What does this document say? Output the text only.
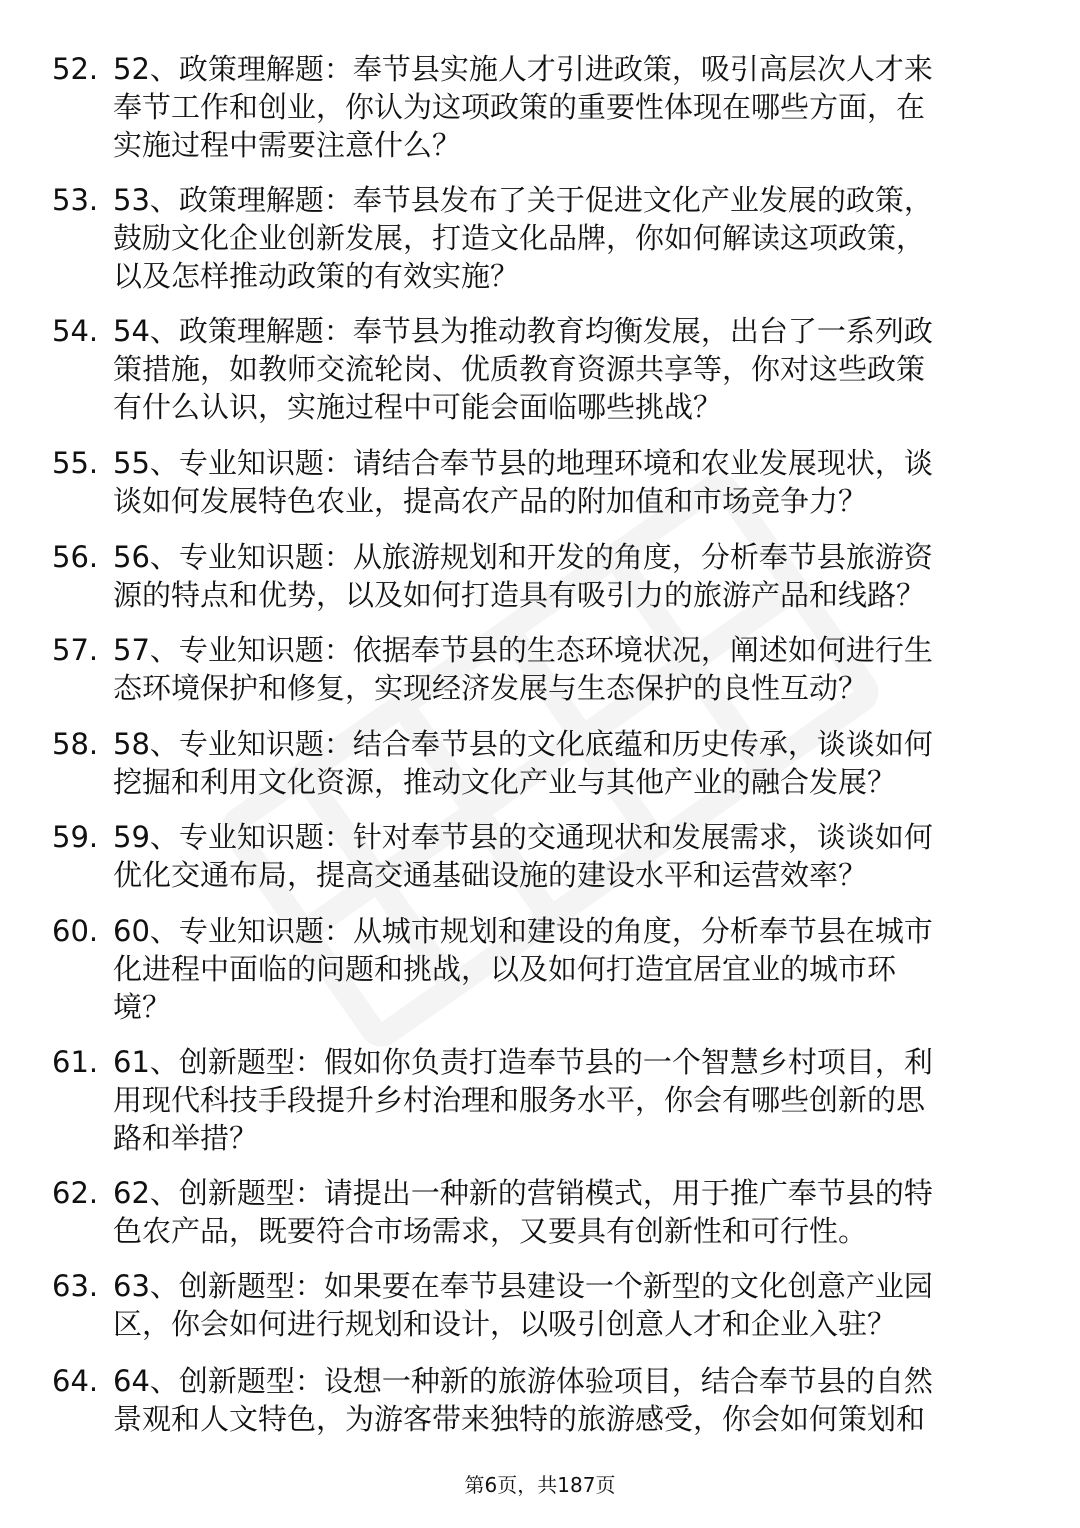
52. 52、政策理解题：奉节县实施人才引进政策，吸引高层次人才来
奉节工作和创业，你认为这项政策的重要性体现在哪些方面，在
实施过程中需要注意什么？
53. 53、政策理解题：奉节县发布了关于促进文化产业发展的政策，
鼓励文化企业创新发展，打造文化品牌，你如何解读这项政策，
以及怎样推动政策的有效实施？
54. 54、政策理解题：奉节县为推动教育均衡发展，出台了一系列政
策措施，如教师交流轮岗、优质教育资源共享等，你对这些政策
有什么认识，实施过程中可能会面临哪些挑战？
55. 55、专业知识题：请结合奉节县的地理环境和农业发展现状，谈
谈如何发展特色农业，提高农产品的附加值和市场竞争力？
56. 56、专业知识题：从旅游规划和开发的角度，分析奉节县旅游资
源的特点和优势，以及如何打造具有吸引力的旅游产品和线路？
57. 57、专业知识题：依据奉节县的生态环境状况，阐述如何进行生
态环境保护和修复，实现经济发展与生态保护的良性互动？
58. 58、专业知识题：结合奉节县的文化底蕴和历史传承，谈谈如何
挖掘和利用文化资源，推动文化产业与其他产业的融合发展？
59. 59、专业知识题：针对奉节县的交通现状和发展需求，谈谈如何
优化交通布局，提高交通基础设施的建设水平和运营效率？
60. 60、专业知识题：从城市规划和建设的角度，分析奉节县在城市
化进程中面临的问题和挑战，以及如何打造宜居宜业的城市环
境？
61. 61、创新题型：假如你负责打造奉节县的一个智慧乡村项目，利
用现代科技手段提升乡村治理和服务水平，你会有哪些创新的思
路和举措？
62. 62、创新题型：请提出一种新的营销模式，用于推广奉节县的特
色农产品，既要符合市场需求，又要具有创新性和可行性。
63. 63、创新题型：如果要在奉节县建设一个新型的文化创意产业园
区，你会如何进行规划和设计，以吸引创意人才和企业入驻？
64. 64、创新题型：设想一种新的旅游体验项目，结合奉节县的自然
景观和人文特色，为游客带来独特的旅游感受，你会如何策划和
第6页，共187页
